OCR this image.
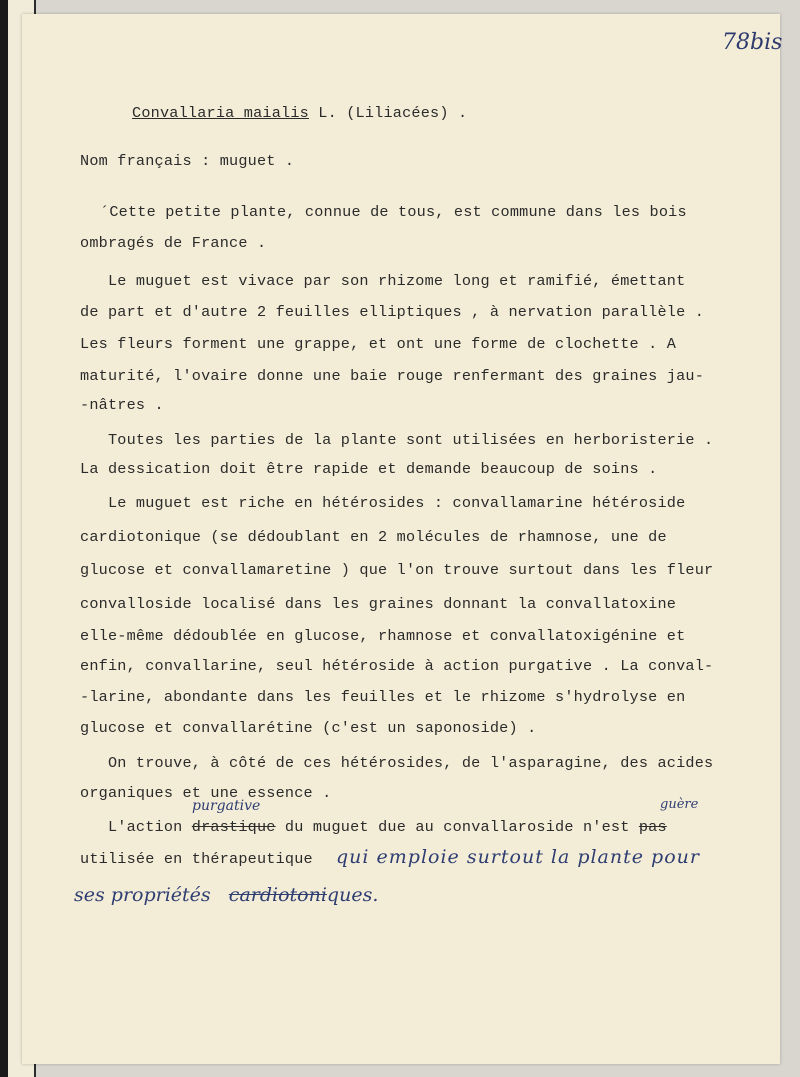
78bis
Convallaria maialis L. (Liliacées) .
Nom français : muguet .
´Cette petite plante, connue de tous, est commune dans les bois
ombragés de France .
Le muguet est vivace par son rhizome long et ramifié, émettant
de part et d'autre 2 feuilles elliptiques , à nervation parallèle .
Les fleurs forment une grappe, et ont une forme de clochette . A
maturité, l'ovaire donne une baie rouge renfermant des graines jau-
-nâtres .
Toutes les parties de la plante sont utilisées en herboristerie .
La dessication doit être rapide et demande beaucoup de soins .
Le muguet est riche en hétérosides : convallamarine hétéroside
cardiotonique (se dédoublant en 2 molécules de rhamnose, une de
glucose et convallamaretine ) que l'on trouve surtout dans les fleur
convalloside localisé dans les graines donnant la convallatoxine
elle-même dédoublée en glucose, rhamnose et convallatoxigénine et
enfin, convallarine, seul hétéroside à action purgative . La conval-
-larine, abondante dans les feuilles et le rhizome s'hydrolyse en
glucose et convallarétine (c'est un saponoside) .
On trouve, à côté de ces hétérosides, de l'asparagine, des acides
organiques et une essence .
purgative	guère
L'action drastique du muguet due au convallaroside n'est pas
utilisée en thérapeutique	qui emploie surtout la plante pour
ses propriétés cardiotoniques.
